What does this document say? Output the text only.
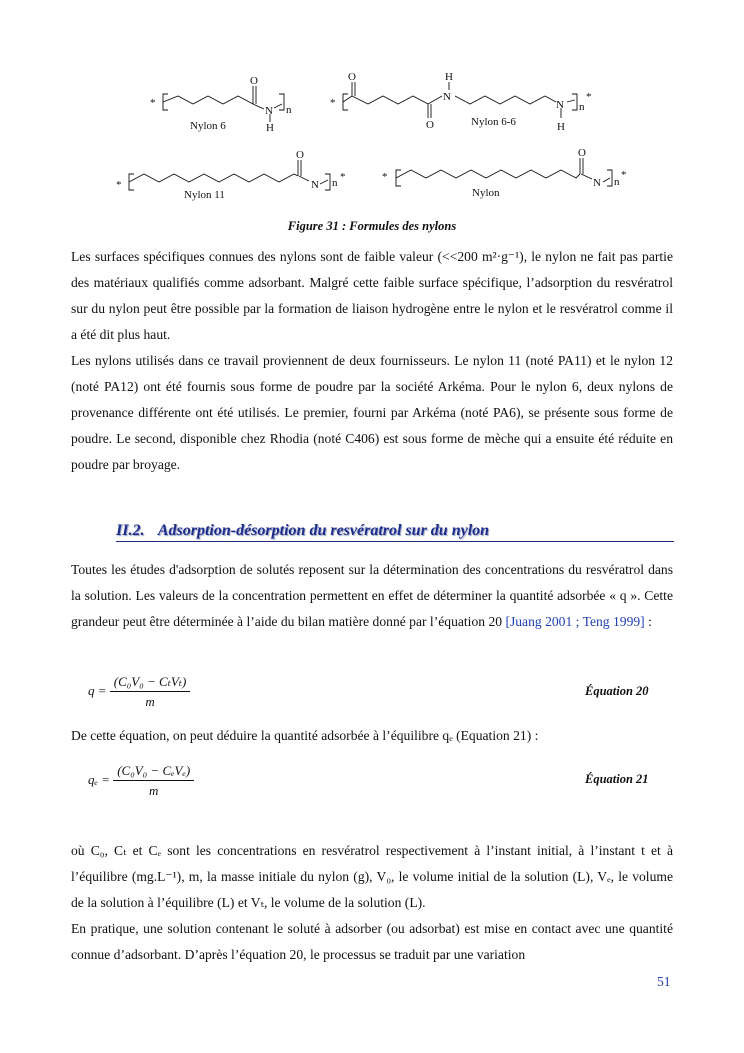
*
O
N
H
n
Nylon 6
*
O	H
N
O	Nylon 6-6
N
H
n
*
*
O
N n *
Nylon 11
*
O
N n
*
Nylon
Figure 31 : Formules des nylons

Les surfaces spécifiques connues des nylons sont de faible valeur (<<200 m²·g⁻¹), le nylon ne fait pas partie des matériaux qualifiés comme adsorbant. Malgré cette faible surface spécifique, l’adsorption du resvératrol sur du nylon peut être possible par la formation de liaison hydrogène entre le nylon et le resvératrol comme il a été dit plus haut.

Les nylons utilisés dans ce travail proviennent de deux fournisseurs. Le nylon 11 (noté PA11) et le nylon 12 (noté PA12) ont été fournis sous forme de poudre par la société Arkéma. Pour le nylon 6, deux nylons de provenance différente ont été utilisés. Le premier, fourni par Arkéma (noté PA6), se présente sous forme de poudre. Le second, disponible chez Rhodia (noté C406) est sous forme de mèche qui a ensuite été réduite en poudre par broyage.

II.2. Adsorption-désorption du resvératrol sur du nylon

Toutes les études d'adsorption de solutés reposent sur la détermination des concentrations du resvératrol dans la solution. Les valeurs de la concentration permettent en effet de déterminer la quantité adsorbée « q ». Cette grandeur peut être déterminée à l’aide du bilan matière donné par l’équation 20 [Juang 2001 ; Teng 1999] :

$q = \frac{\text{(C₀V₀ − CₜVₜ)}}{m}$	Équation 20

De cette équation, on peut déduire la quantité adsorbée à l’équilibre qₑ (Equation 21) :

$q_e = \frac{\text{(C₀V₀ − CₑVₑ)}}{m}$	Équation 21

où C₀, Cₜ et Cₑ sont les concentrations en resvératrol respectivement à l’instant initial, à l’instant t et à l’équilibre (mg.L⁻¹), m, la masse initiale du nylon (g), V₀, le volume initial de la solution (L), Vₑ, le volume de la solution à l’équilibre (L) et Vₜ, le volume de la solution (L).

En pratique, une solution contenant le soluté à adsorber (ou adsorbat) est mise en contact avec une quantité connue d’adsorbant. D’après l’équation 20, le processus se traduit par une variation

51
